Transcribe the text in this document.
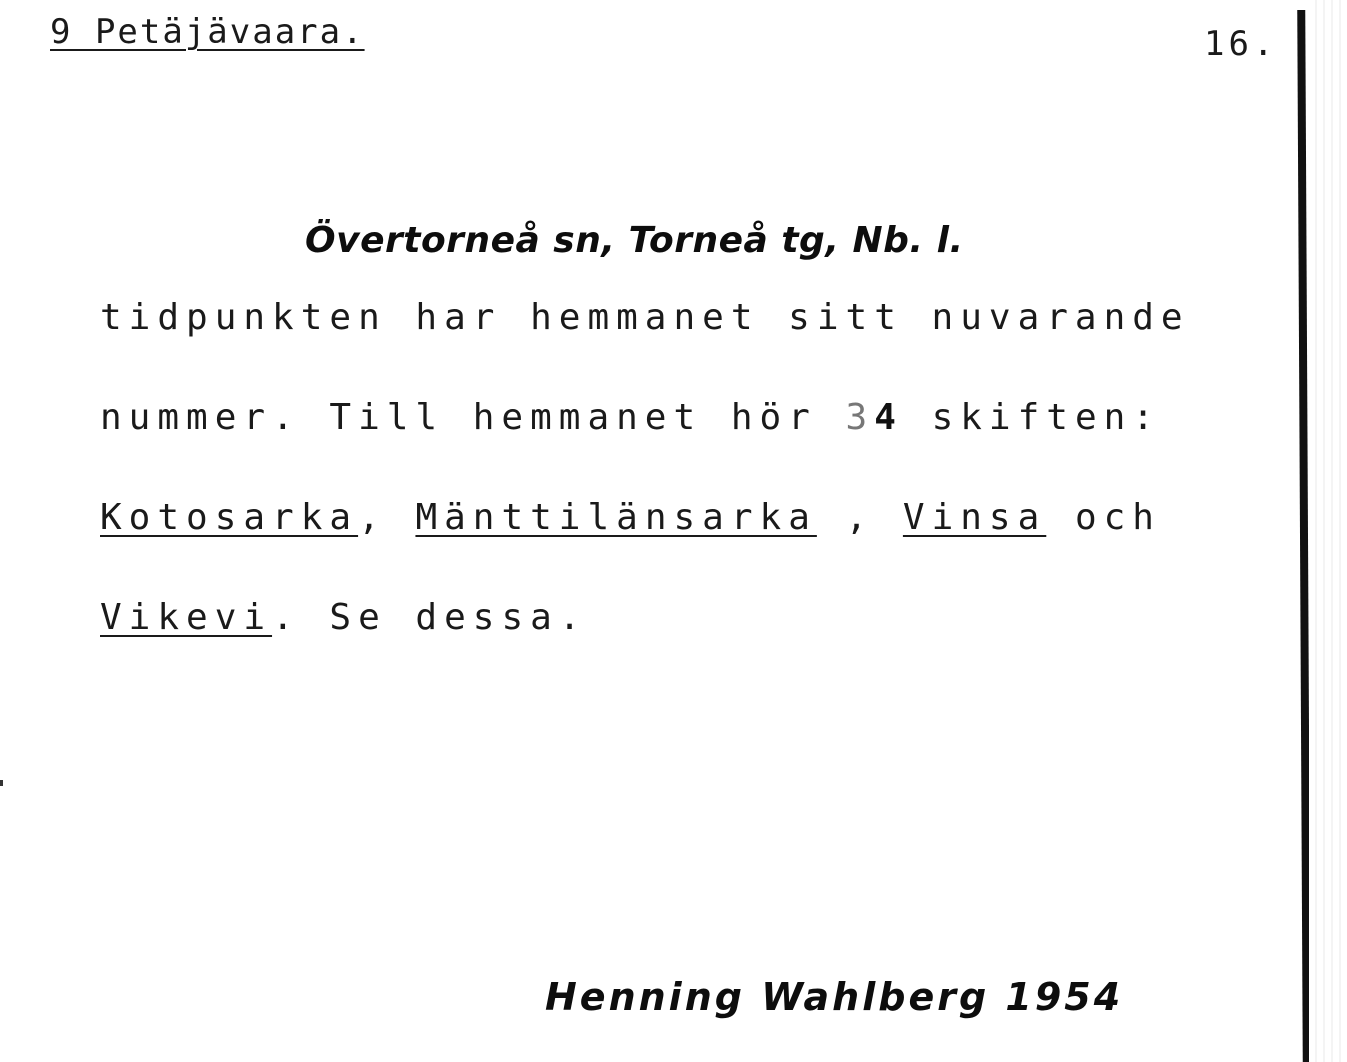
9 Petäjävaara.	16.
Övertorneå sn, Torneå tg, Nb. l.
tidpunkten har hemmanet sitt nuvarande
nummer. Till hemmanet hör 34 skiften:
Kotosarka, Mänttilänsarka , Vinsa och
Vikevi. Se dessa.
Henning Wahlberg 1954
